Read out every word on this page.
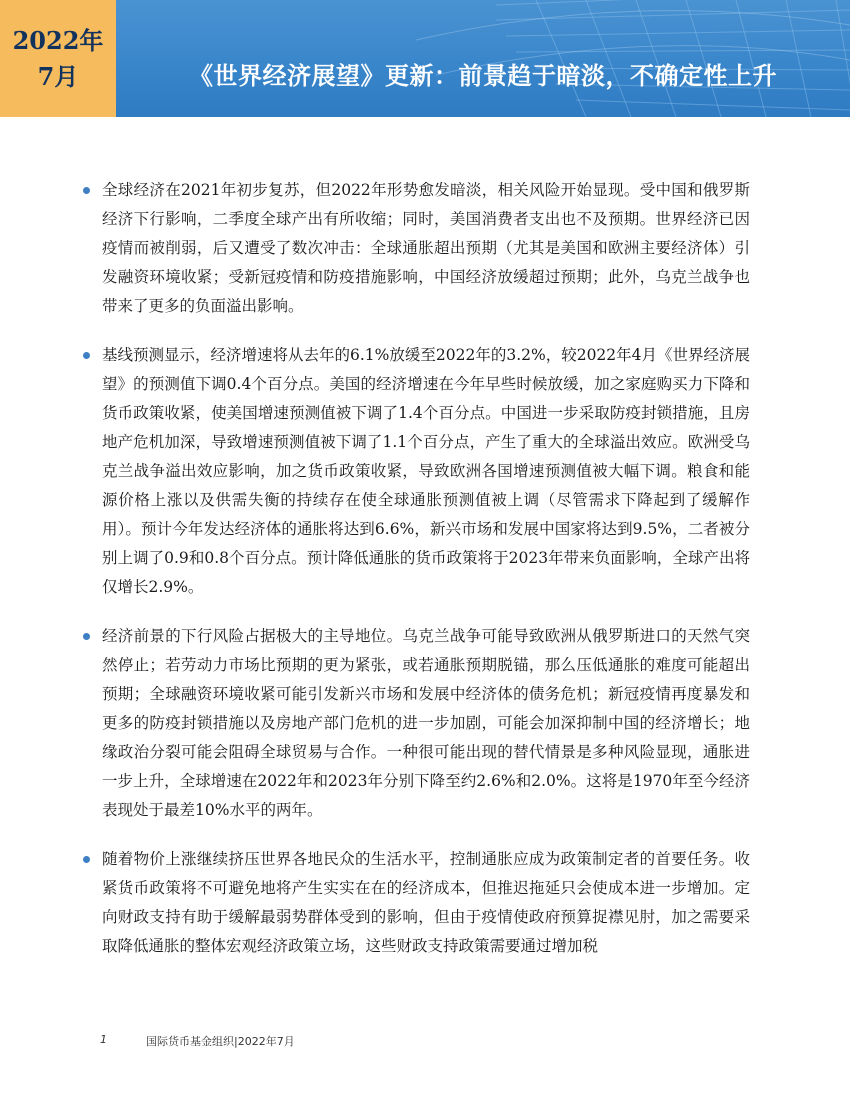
2022年
7月	《世界经济展望》更新：前景趋于暗淡，不确定性上升
全球经济在2021年初步复苏，但2022年形势愈发暗淡，相关风险开始显现。受中国和俄罗斯经济下行影响，二季度全球产出有所收缩；同时，美国消费者支出也不及预期。世界经济已因疫情而被削弱，后又遭受了数次冲击：全球通胀超出预期（尤其是美国和欧洲主要经济体）引发融资环境收紧；受新冠疫情和防疫措施影响，中国经济放缓超过预期；此外，乌克兰战争也带来了更多的负面溢出影响。
基线预测显示，经济增速将从去年的6.1%放缓至2022年的3.2%，较2022年4月《世界经济展望》的预测值下调0.4个百分点。美国的经济增速在今年早些时候放缓，加之家庭购买力下降和货币政策收紧，使美国增速预测值被下调了1.4个百分点。中国进一步采取防疫封锁措施，且房地产危机加深，导致增速预测值被下调了1.1个百分点，产生了重大的全球溢出效应。欧洲受乌克兰战争溢出效应影响，加之货币政策收紧，导致欧洲各国增速预测值被大幅下调。粮食和能源价格上涨以及供需失衡的持续存在使全球通胀预测值被上调（尽管需求下降起到了缓解作用）。预计今年发达经济体的通胀将达到6.6%，新兴市场和发展中国家将达到9.5%，二者被分别上调了0.9和0.8个百分点。预计降低通胀的货币政策将于2023年带来负面影响，全球产出将仅增长2.9%。
经济前景的下行风险占据极大的主导地位。乌克兰战争可能导致欧洲从俄罗斯进口的天然气突然停止；若劳动力市场比预期的更为紧张，或若通胀预期脱锚，那么压低通胀的难度可能超出预期；全球融资环境收紧可能引发新兴市场和发展中经济体的债务危机；新冠疫情再度暴发和更多的防疫封锁措施以及房地产部门危机的进一步加剧，可能会加深抑制中国的经济增长；地缘政治分裂可能会阻碍全球贸易与合作。一种很可能出现的替代情景是多种风险显现，通胀进一步上升，全球增速在2022年和2023年分别下降至约2.6%和2.0%。这将是1970年至今经济表现处于最差10%水平的两年。
随着物价上涨继续挤压世界各地民众的生活水平，控制通胀应成为政策制定者的首要任务。收紧货币政策将不可避免地将产生实实在在的经济成本，但推迟拖延只会使成本进一步增加。定向财政支持有助于缓解最弱势群体受到的影响，但由于疫情使政府预算捉襟见肘，加之需要采取降低通胀的整体宏观经济政策立场，这些财政支持政策需要通过增加税
1	国际货币基金组织|2022年7月
